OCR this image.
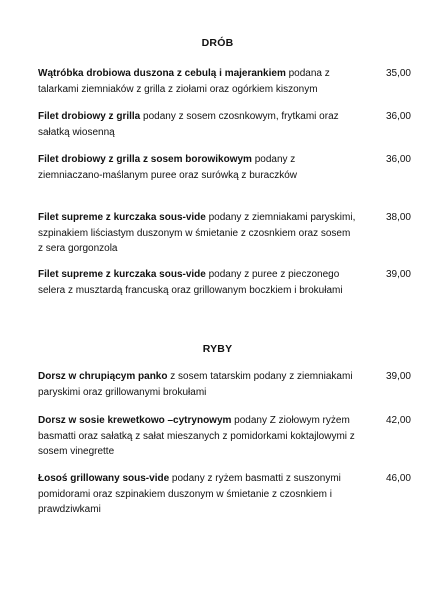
DRÓB
Wątróbka drobiowa duszona z cebulą i majerankiem podana z talarkami ziemniaków z grilla z ziołami oraz ogórkiem kiszonym
35,00
Filet drobiowy z grilla podany z sosem czosnkowym, frytkami oraz sałatką wiosenną
36,00
Filet drobiowy z grilla z sosem borowikowym podany z ziemniaczano-maślanym puree oraz surówką z buraczków
36,00
Filet supreme z kurczaka sous-vide podany z ziemniakami paryskimi, szpinakiem liściastym duszonym w śmietanie z czosnkiem oraz sosem z sera gorgonzola
38,00
Filet supreme z kurczaka sous-vide podany z puree z pieczonego selera z musztardą francuską oraz grillowanym boczkiem i brokułami
39,00
RYBY
Dorsz w chrupiącym panko z sosem tatarskim podany z ziemniakami paryskimi oraz grillowanymi brokułami
39,00
Dorsz w sosie krewetkowo –cytrynowym podany Z ziołowym ryżem basmatti oraz sałatką z sałat mieszanych z pomidorkami koktajlowymi z sosem vinegrette
42,00
Łosoś grillowany sous-vide podany z ryżem basmatti z suszonymi pomidorami oraz szpinakiem duszonym w śmietanie z czosnkiem i prawdziwkami
46,00
